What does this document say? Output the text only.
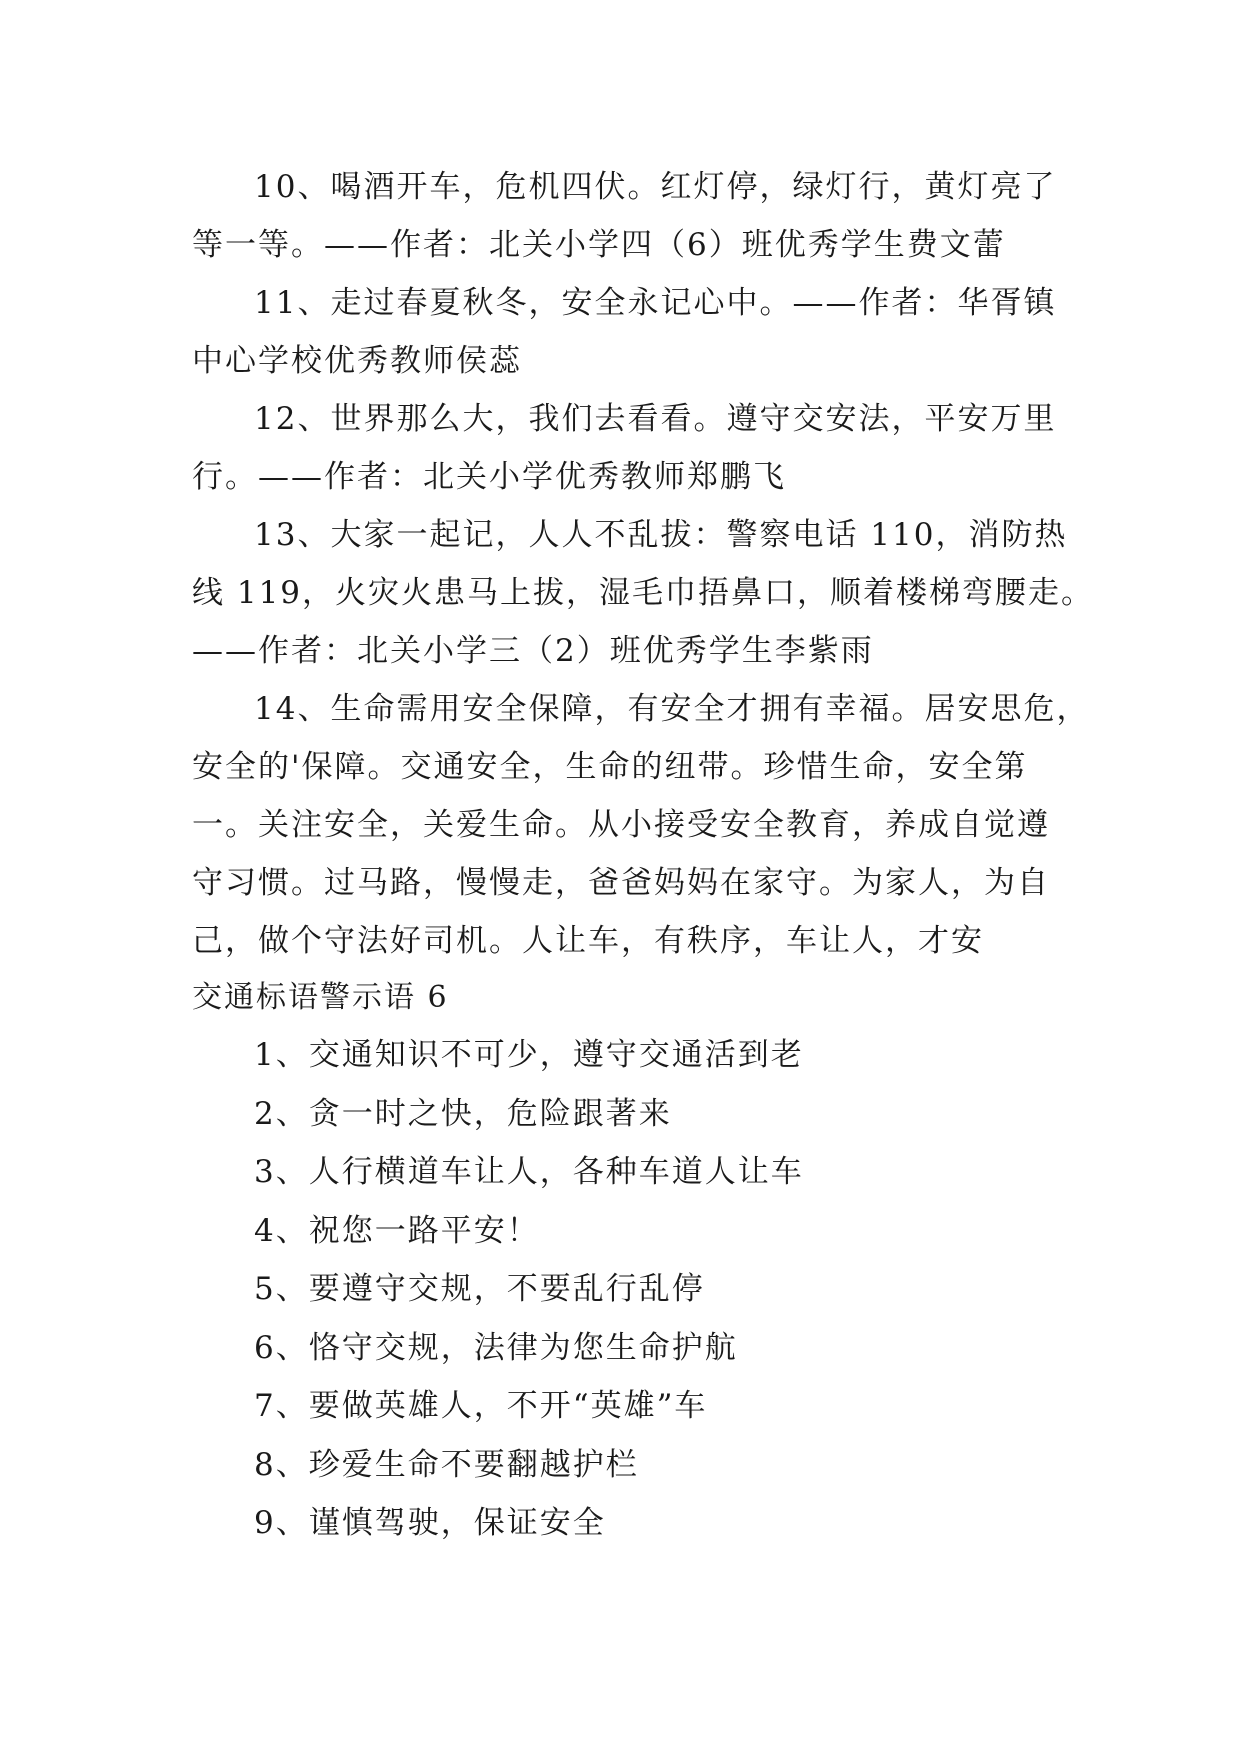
10、喝酒开车，危机四伏。红灯停，绿灯行，黄灯亮了
等一等。——作者：北关小学四（6）班优秀学生费文蕾
11、走过春夏秋冬，安全永记心中。——作者：华胥镇
中心学校优秀教师侯蕊
12、世界那么大，我们去看看。遵守交安法，平安万里
行。——作者：北关小学优秀教师郑鹏飞
13、大家一起记，人人不乱拔：警察电话 110，消防热
线 119，火灾火患马上拔，湿毛巾捂鼻口，顺着楼梯弯腰走。
——作者：北关小学三（2）班优秀学生李紫雨
14、生命需用安全保障，有安全才拥有幸福。居安思危，
安全的'保障。交通安全，生命的纽带。珍惜生命，安全第
一。关注安全，关爱生命。从小接受安全教育，养成自觉遵
守习惯。过马路，慢慢走，爸爸妈妈在家守。为家人，为自
己，做个守法好司机。人让车，有秩序，车让人，才安
交通标语警示语 6
1、交通知识不可少，遵守交通活到老
2、贪一时之快，危险跟著来
3、人行横道车让人，各种车道人让车
4、祝您一路平安！
5、要遵守交规，不要乱行乱停
6、恪守交规，法律为您生命护航
7、要做英雄人，不开“英雄”车
8、珍爱生命不要翻越护栏
9、谨慎驾驶，保证安全
